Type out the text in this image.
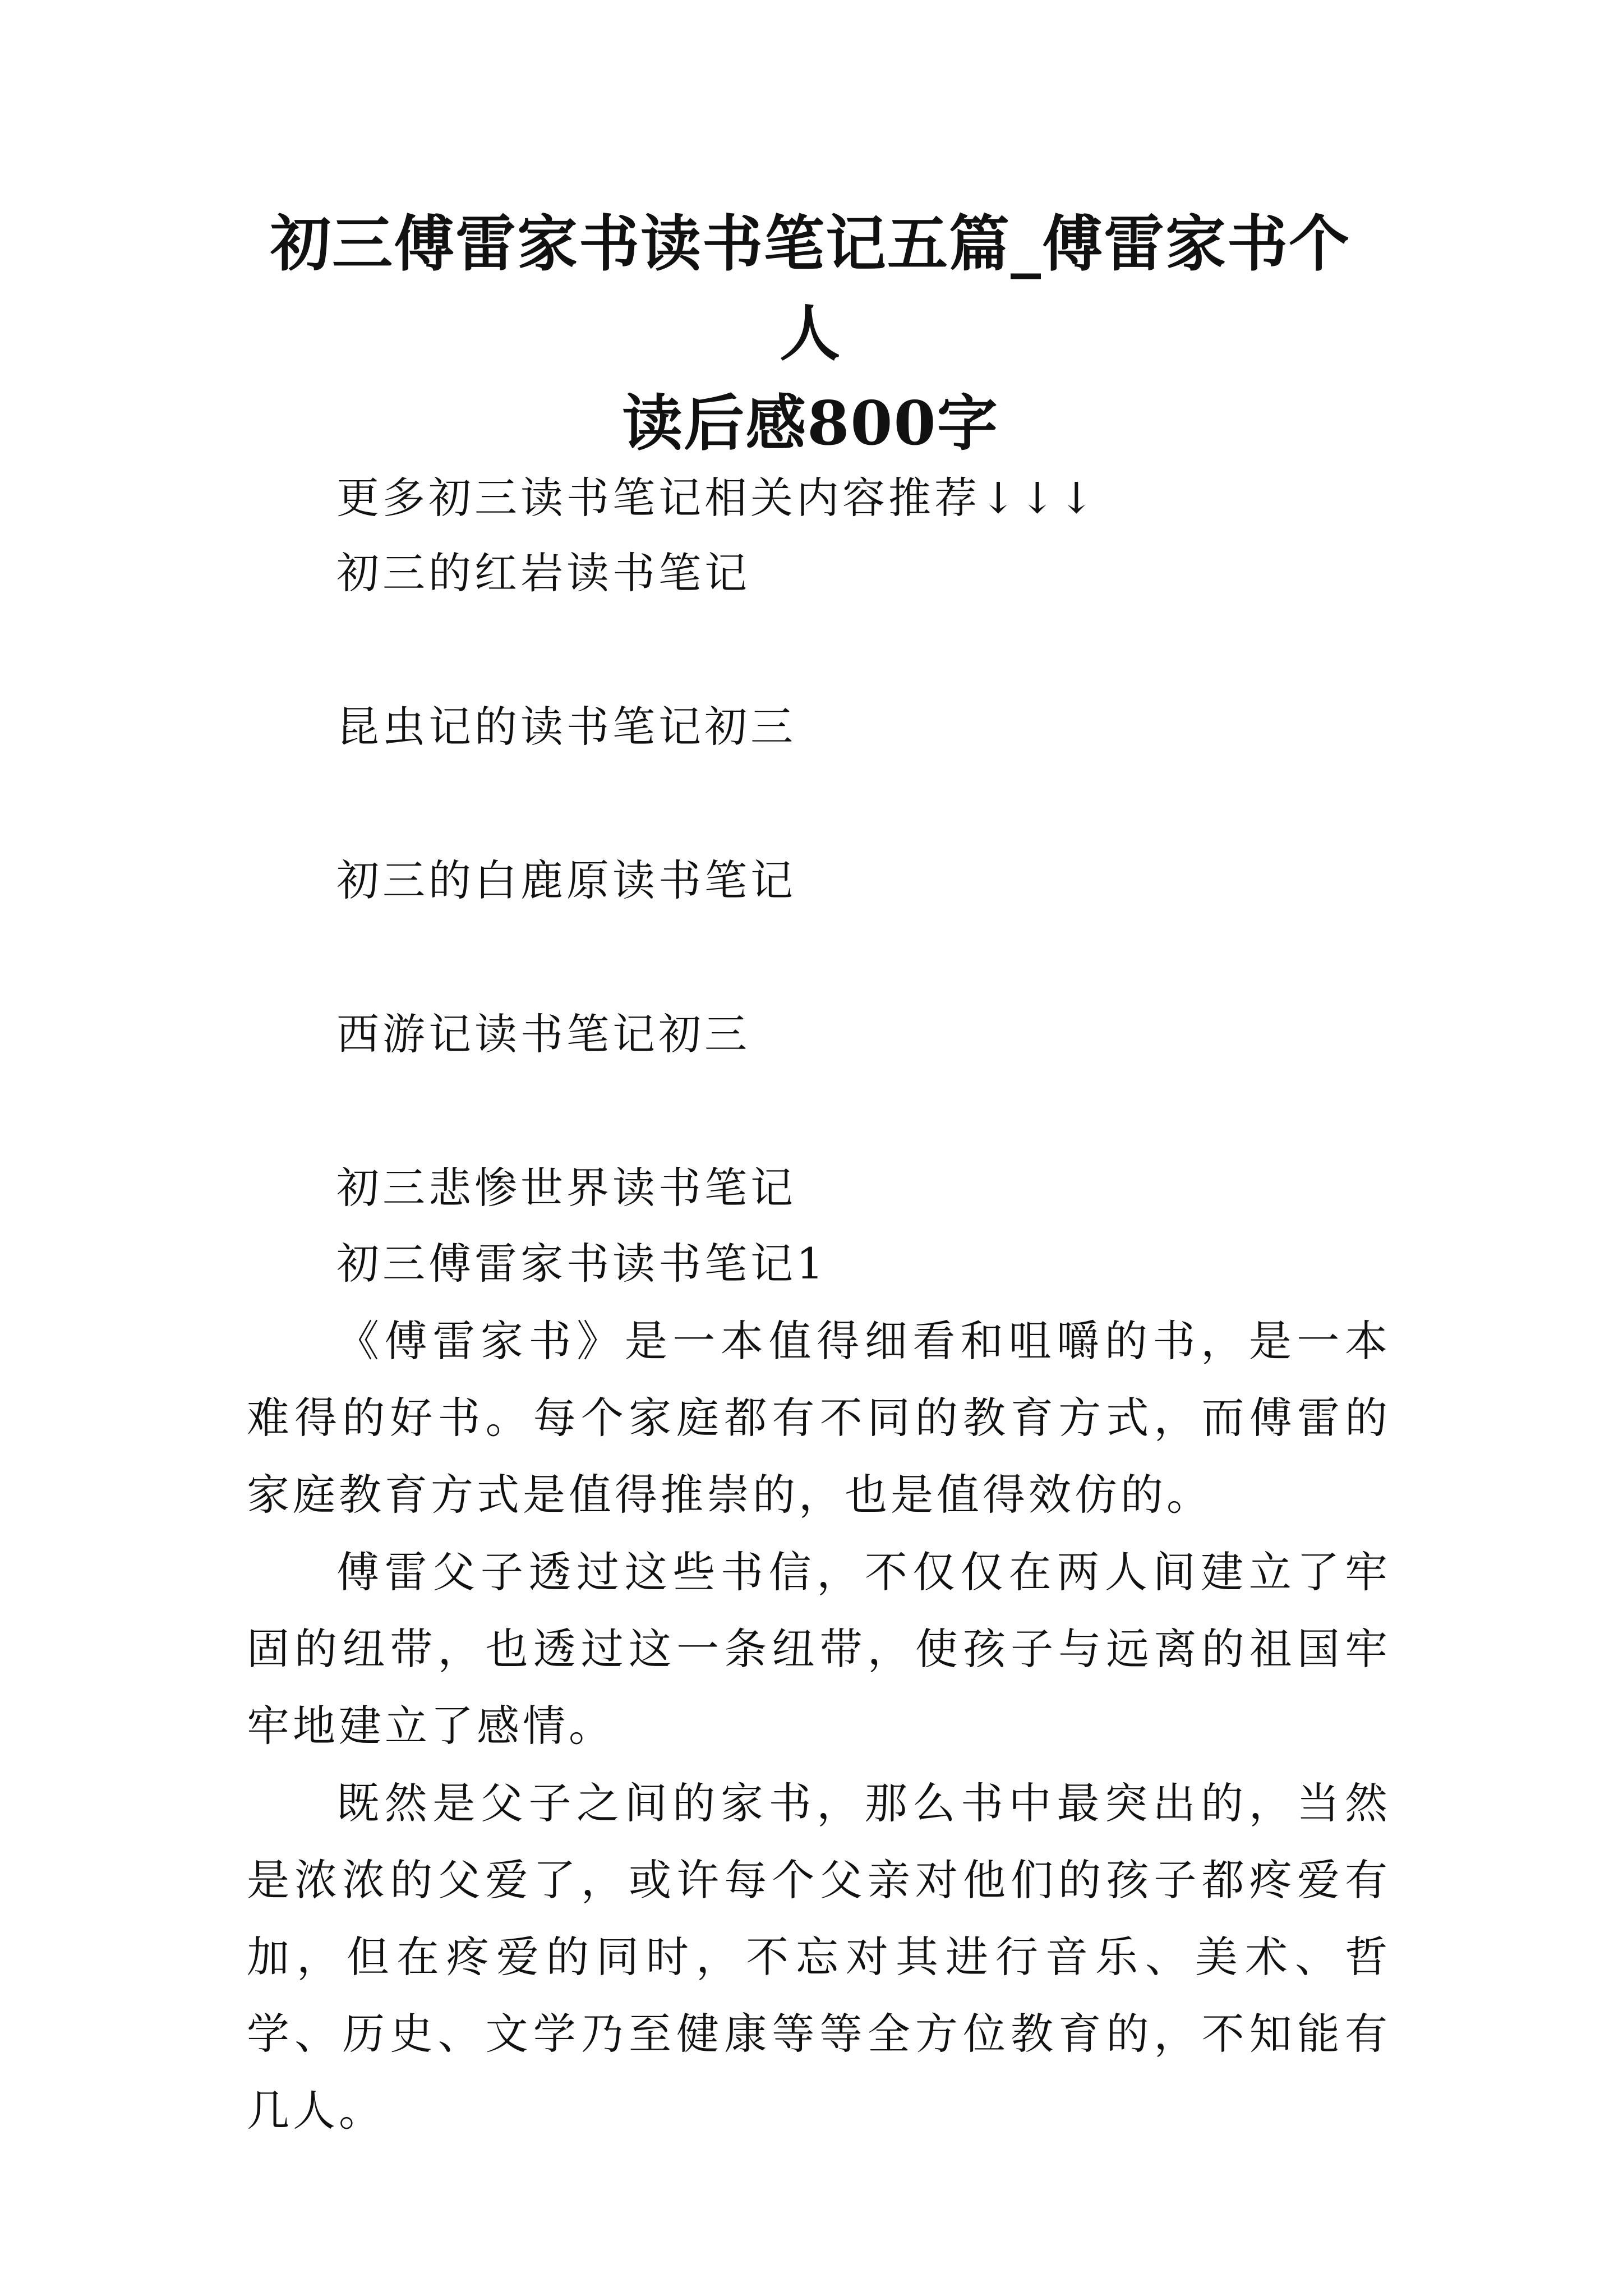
初三傅雷家书读书笔记五篇_傅雷家书个人
读后感800字

更多初三读书笔记相关内容推荐↓↓↓

初三的红岩读书笔记

昆虫记的读书笔记初三

初三的白鹿原读书笔记

西游记读书笔记初三

初三悲惨世界读书笔记

初三傅雷家书读书笔记1

《傅雷家书》是一本值得细看和咀嚼的书，是一本难得的好书。每个家庭都有不同的教育方式，而傅雷的家庭教育方式是值得推崇的，也是值得效仿的。

傅雷父子透过这些书信，不仅仅在两人间建立了牢固的纽带，也透过这一条纽带，使孩子与远离的祖国牢牢地建立了感情。

既然是父子之间的家书，那么书中最突出的，当然是浓浓的父爱了，或许每个父亲对他们的孩子都疼爱有加，但在疼爱的同时，不忘对其进行音乐、美术、哲学、历史、文学乃至健康等等全方位教育的，不知能有几人。
